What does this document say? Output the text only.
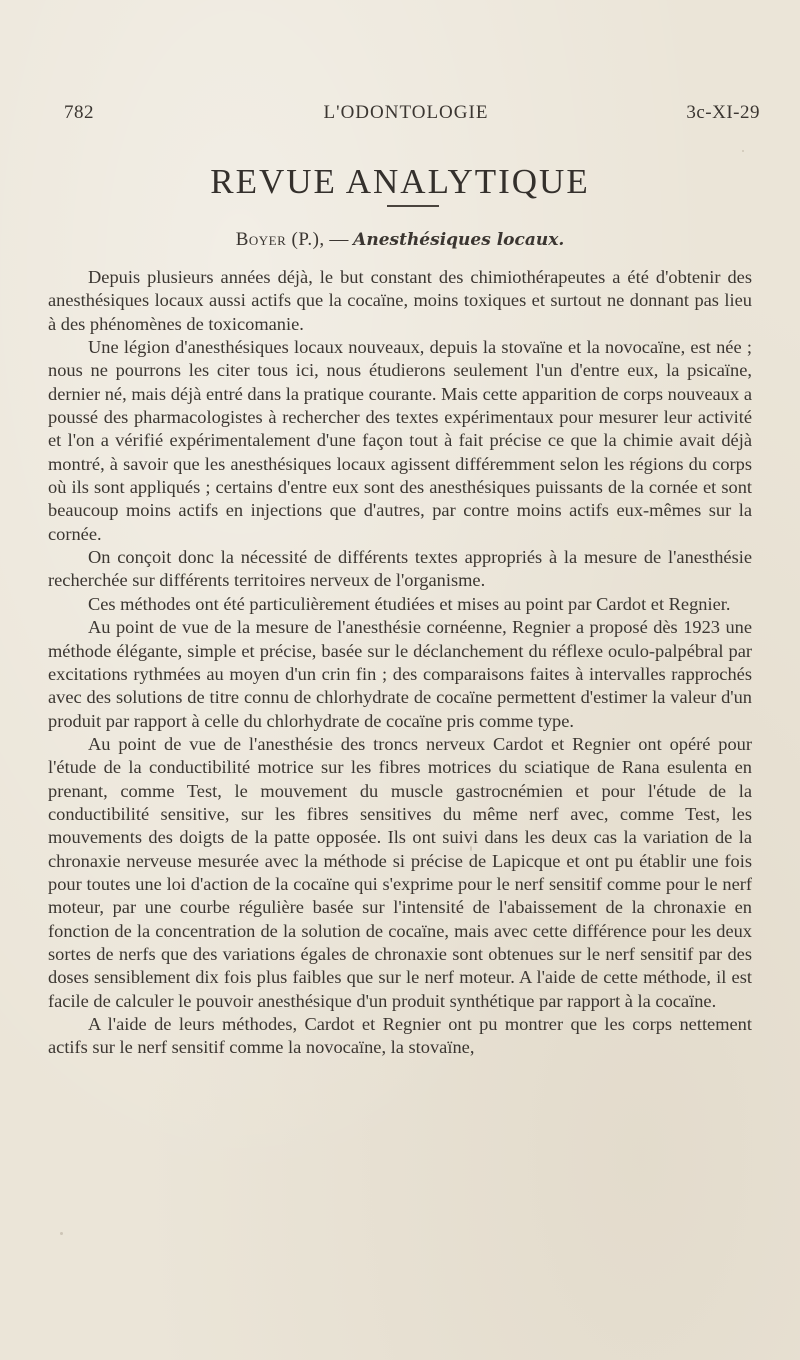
782	L'ODONTOLOGIE	3c-XI-29
REVUE ANALYTIQUE
Boyer (P.), — Anesthésiques locaux.

Depuis plusieurs années déjà, le but constant des chimiothérapeutes a été d'obtenir des anesthésiques locaux aussi actifs que la cocaïne, moins toxiques et surtout ne donnant pas lieu à des phénomènes de toxicomanie.

Une légion d'anesthésiques locaux nouveaux, depuis la stovaïne et la novocaïne, est née ; nous ne pourrons les citer tous ici, nous étudierons seulement l'un d'entre eux, la psicaïne, dernier né, mais déjà entré dans la pratique courante. Mais cette apparition de corps nouveaux a poussé des pharmacologistes à rechercher des textes expérimentaux pour mesurer leur activité et l'on a vérifié expérimentalement d'une façon tout à fait précise ce que la chimie avait déjà montré, à savoir que les anesthésiques locaux agissent différemment selon les régions du corps où ils sont appliqués ; certains d'entre eux sont des anesthésiques puissants de la cornée et sont beaucoup moins actifs en injections que d'autres, par contre moins actifs eux-mêmes sur la cornée.

On conçoit donc la nécessité de différents textes appropriés à la mesure de l'anesthésie recherchée sur différents territoires nerveux de l'organisme.

Ces méthodes ont été particulièrement étudiées et mises au point par Cardot et Regnier.

Au point de vue de la mesure de l'anesthésie cornéenne, Regnier a proposé dès 1923 une méthode élégante, simple et précise, basée sur le déclanchement du réflexe oculo-palpébral par excitations rythmées au moyen d'un crin fin ; des comparaisons faites à intervalles rapprochés avec des solutions de titre connu de chlorhydrate de cocaïne permettent d'estimer la valeur d'un produit par rapport à celle du chlorhydrate de cocaïne pris comme type.

Au point de vue de l'anesthésie des troncs nerveux Cardot et Regnier ont opéré pour l'étude de la conductibilité motrice sur les fibres motrices du sciatique de Rana esulenta en prenant, comme Test, le mouvement du muscle gastrocnémien et pour l'étude de la conductibilité sensitive, sur les fibres sensitives du même nerf avec, comme Test, les mouvements des doigts de la patte opposée. Ils ont suivi dans les deux cas la variation de la chronaxie nerveuse mesurée avec la méthode si précise de Lapicque et ont pu établir une fois pour toutes une loi d'action de la cocaïne qui s'exprime pour le nerf sensitif comme pour le nerf moteur, par une courbe régulière basée sur l'intensité de l'abaissement de la chronaxie en fonction de la concentration de la solution de cocaïne, mais avec cette différence pour les deux sortes de nerfs que des variations égales de chronaxie sont obtenues sur le nerf sensitif par des doses sensiblement dix fois plus faibles que sur le nerf moteur. A l'aide de cette méthode, il est facile de calculer le pouvoir anesthésique d'un produit synthétique par rapport à la cocaïne.

A l'aide de leurs méthodes, Cardot et Regnier ont pu montrer que les corps nettement actifs sur le nerf sensitif comme la novocaïne, la stovaïne,
